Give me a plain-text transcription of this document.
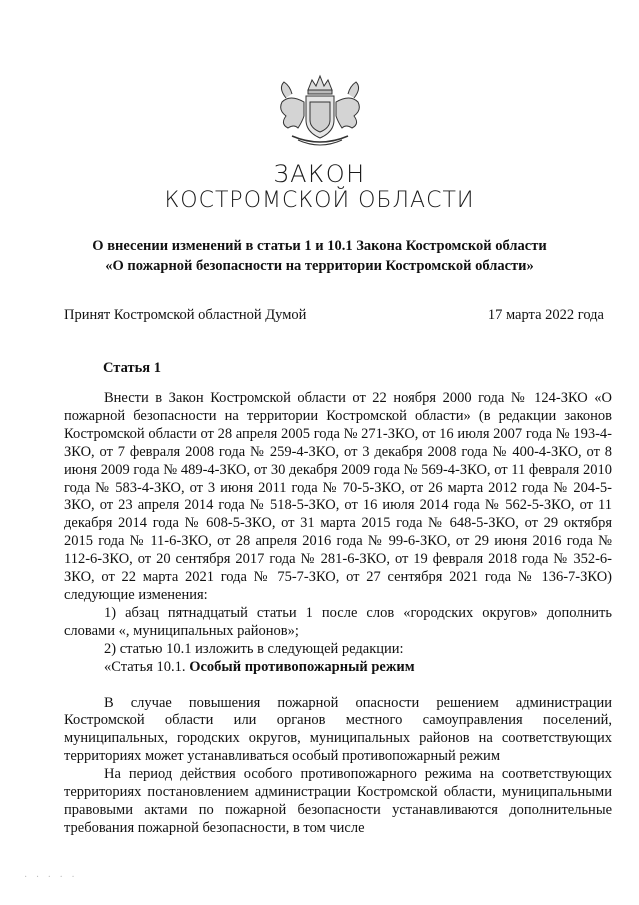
ЗАКОН
КОСТРОМСКОЙ ОБЛАСТИ
О внесении изменений в статьи 1 и 10.1 Закона Костромской области
«О пожарной безопасности на территории Костромской области»
Принят Костромской областной Думой	17 марта 2022 года
Статья 1

Внести в Закон Костромской области от 22 ноября 2000 года № 124-ЗКО «О пожарной безопасности на территории Костромской области» (в редакции законов Костромской области от 28 апреля 2005 года № 271-ЗКО, от 16 июля 2007 года № 193-4-ЗКО, от 7 февраля 2008 года № 259-4-ЗКО, от 3 декабря 2008 года № 400-4-ЗКО, от 8 июня 2009 года № 489-4-ЗКО, от 30 декабря 2009 года № 569-4-ЗКО, от 11 февраля 2010 года № 583-4-ЗКО, от 3 июня 2011 года № 70-5-ЗКО, от 26 марта 2012 года № 204-5-ЗКО, от 23 апреля 2014 года № 518-5-ЗКО, от 16 июля 2014 года № 562-5-ЗКО, от 11 декабря 2014 года № 608-5-ЗКО, от 31 марта 2015 года № 648-5-ЗКО, от 29 октября 2015 года № 11-6-ЗКО, от 28 апреля 2016 года № 99-6-ЗКО, от 29 июня 2016 года № 112-6-ЗКО, от 20 сентября 2017 года № 281-6-ЗКО, от 19 февраля 2018 года № 352-6-ЗКО, от 22 марта 2021 года № 75-7-ЗКО, от 27 сентября 2021 года № 136-7-ЗКО) следующие изменения:

1) абзац пятнадцатый статьи 1 после слов «городских округов» дополнить словами «, муниципальных районов»;

2) статью 10.1 изложить в следующей редакции:

«Статья 10.1. Особый противопожарный режим

В случае повышения пожарной опасности решением администрации Костромской области или органов местного самоуправления поселений, муниципальных, городских округов, муниципальных районов на соответствующих территориях может устанавливаться особый противопожарный режим

На период действия особого противопожарного режима на соответствующих территориях постановлением администрации Костромской области, муниципальными правовыми актами по пожарной безопасности устанавливаются дополнительные требования пожарной безопасности, в том числе

· · · · ·
